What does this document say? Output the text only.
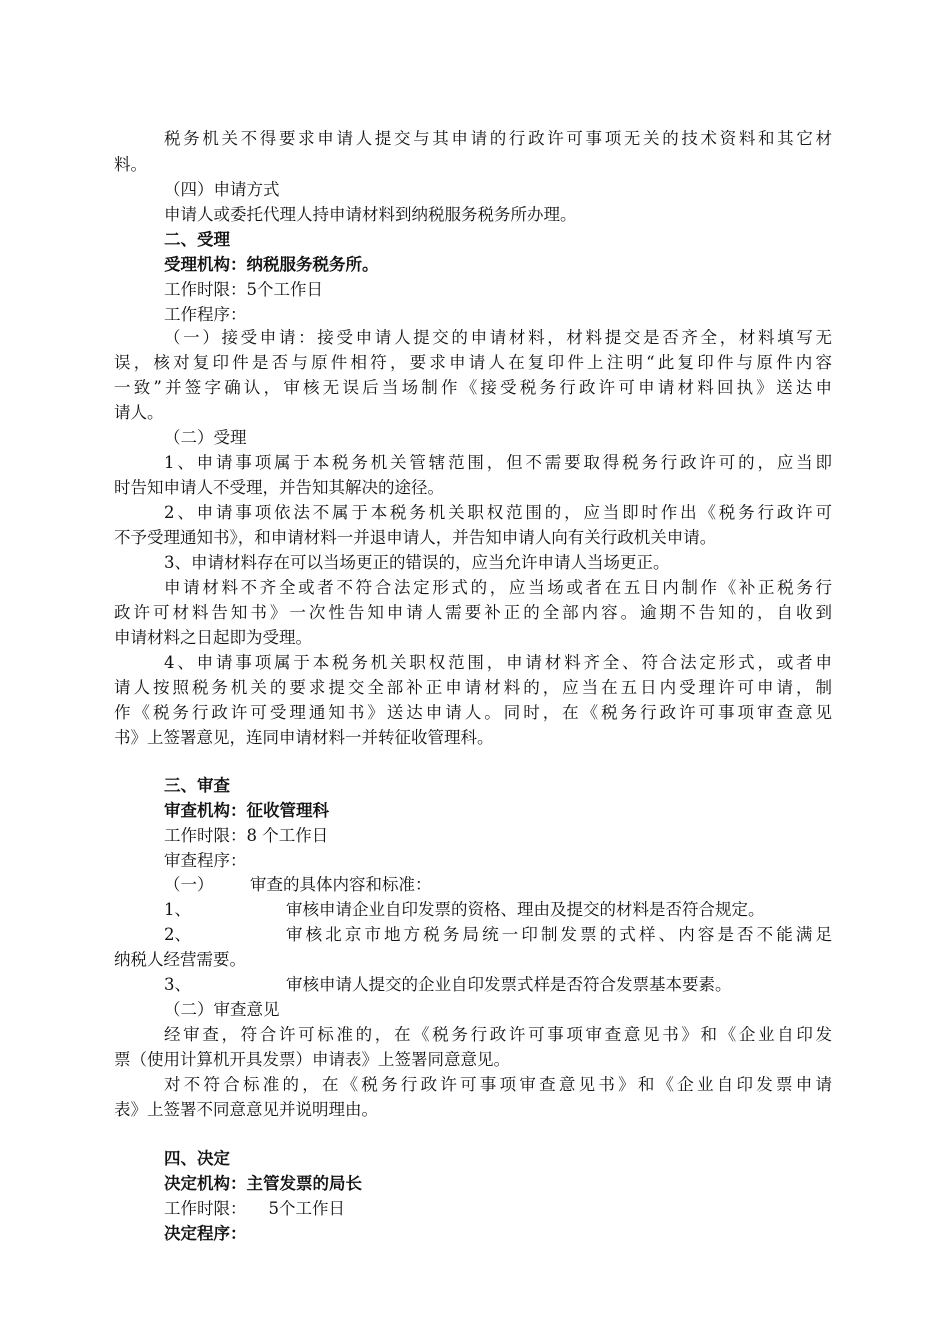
税务机关不得要求申请人提交与其申请的行政许可事项无关的技术资料和其它材
料。
（四）申请方式
申请人或委托代理人持申请材料到纳税服务税务所办理。
二、受理
受理机构：纳税服务税务所。
工作时限：5个工作日
工作程序：
（一）接受申请：接受申请人提交的申请材料，材料提交是否齐全，材料填写无
误，核对复印件是否与原件相符，要求申请人在复印件上注明“此复印件与原件内容
一致”并签字确认，审核无误后当场制作《接受税务行政许可申请材料回执》送达申
请人。
（二）受理
1、申请事项属于本税务机关管辖范围，但不需要取得税务行政许可的，应当即
时告知申请人不受理，并告知其解决的途径。
2、申请事项依法不属于本税务机关职权范围的，应当即时作出《税务行政许可
不予受理通知书》，和申请材料一并退申请人，并告知申请人向有关行政机关申请。
3、申请材料存在可以当场更正的错误的，应当允许申请人当场更正。
申请材料不齐全或者不符合法定形式的，应当场或者在五日内制作《补正税务行
政许可材料告知书》一次性告知申请人需要补正的全部内容。逾期不告知的，自收到
申请材料之日起即为受理。
4、申请事项属于本税务机关职权范围，申请材料齐全、符合法定形式，或者申
请人按照税务机关的要求提交全部补正申请材料的，应当在五日内受理许可申请，制
作《税务行政许可受理通知书》送达申请人。同时，在《税务行政许可事项审查意见
书》上签署意见，连同申请材料一并转征收管理科。
三、审查
审查机构：征收管理科
工作时限：8 个工作日
审查程序：
（一） 审查的具体内容和标准：
1、	审核申请企业自印发票的资格、理由及提交的材料是否符合规定。
2、	审核北京市地方税务局统一印制发票的式样、内容是否不能满足
纳税人经营需要。
3、	审核申请人提交的企业自印发票式样是否符合发票基本要素。
（二）审查意见
经审查，符合许可标准的，在《税务行政许可事项审查意见书》和《企业自印发
票（使用计算机开具发票）申请表》上签署同意意见。
对不符合标准的，在《税务行政许可事项审查意见书》和《企业自印发票申请
表》上签署不同意意见并说明理由。
四、决定
决定机构：主管发票的局长
工作时限： 5个工作日
决定程序：
